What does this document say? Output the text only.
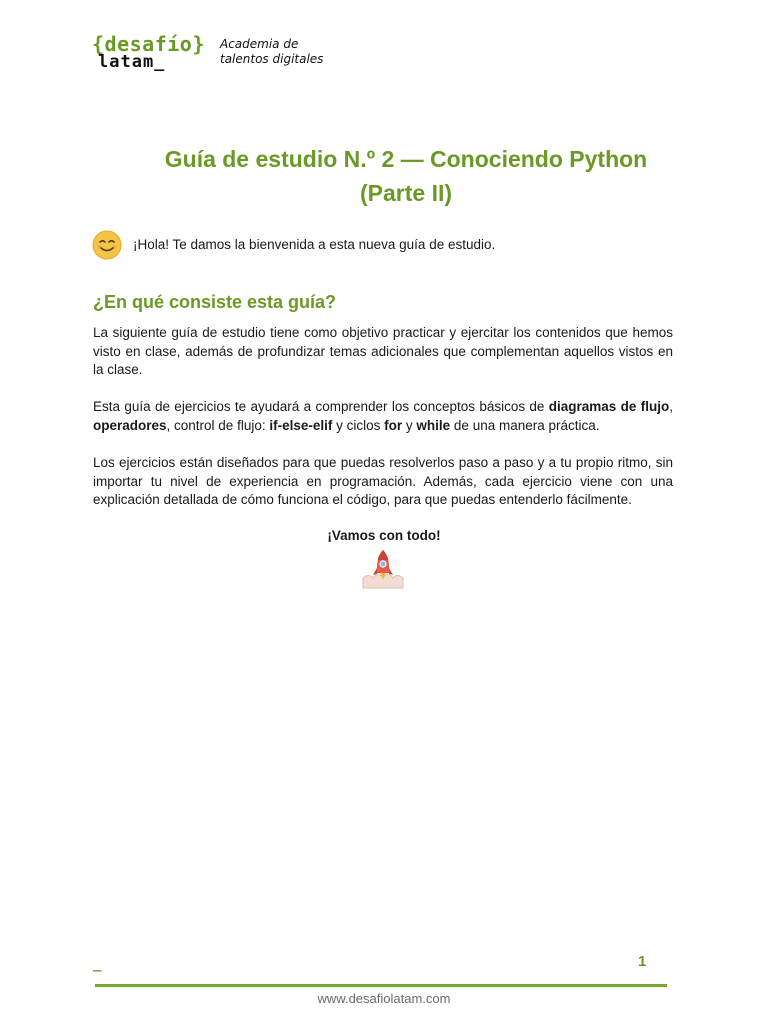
{desafío}
latam_
Academia de
talentos digitales
Guía de estudio N.º 2 — Conociendo Python
(Parte II)
¡Hola! Te damos la bienvenida a esta nueva guía de estudio.
¿En qué consiste esta guía?

La siguiente guía de estudio tiene como objetivo practicar y ejercitar los contenidos que hemos visto en clase, además de profundizar temas adicionales que complementan aquellos vistos en la clase.

Esta guía de ejercicios te ayudará a comprender los conceptos básicos de diagramas de flujo, operadores, control de flujo: if-else-elif y ciclos for y while de una manera práctica.

Los ejercicios están diseñados para que puedas resolverlos paso a paso y a tu propio ritmo, sin importar tu nivel de experiencia en programación. Además, cada ejercicio viene con una explicación detallada de cómo funciona el código, para que puedas entenderlo fácilmente.

¡Vamos con todo!
_	1
www.desafiolatam.com
